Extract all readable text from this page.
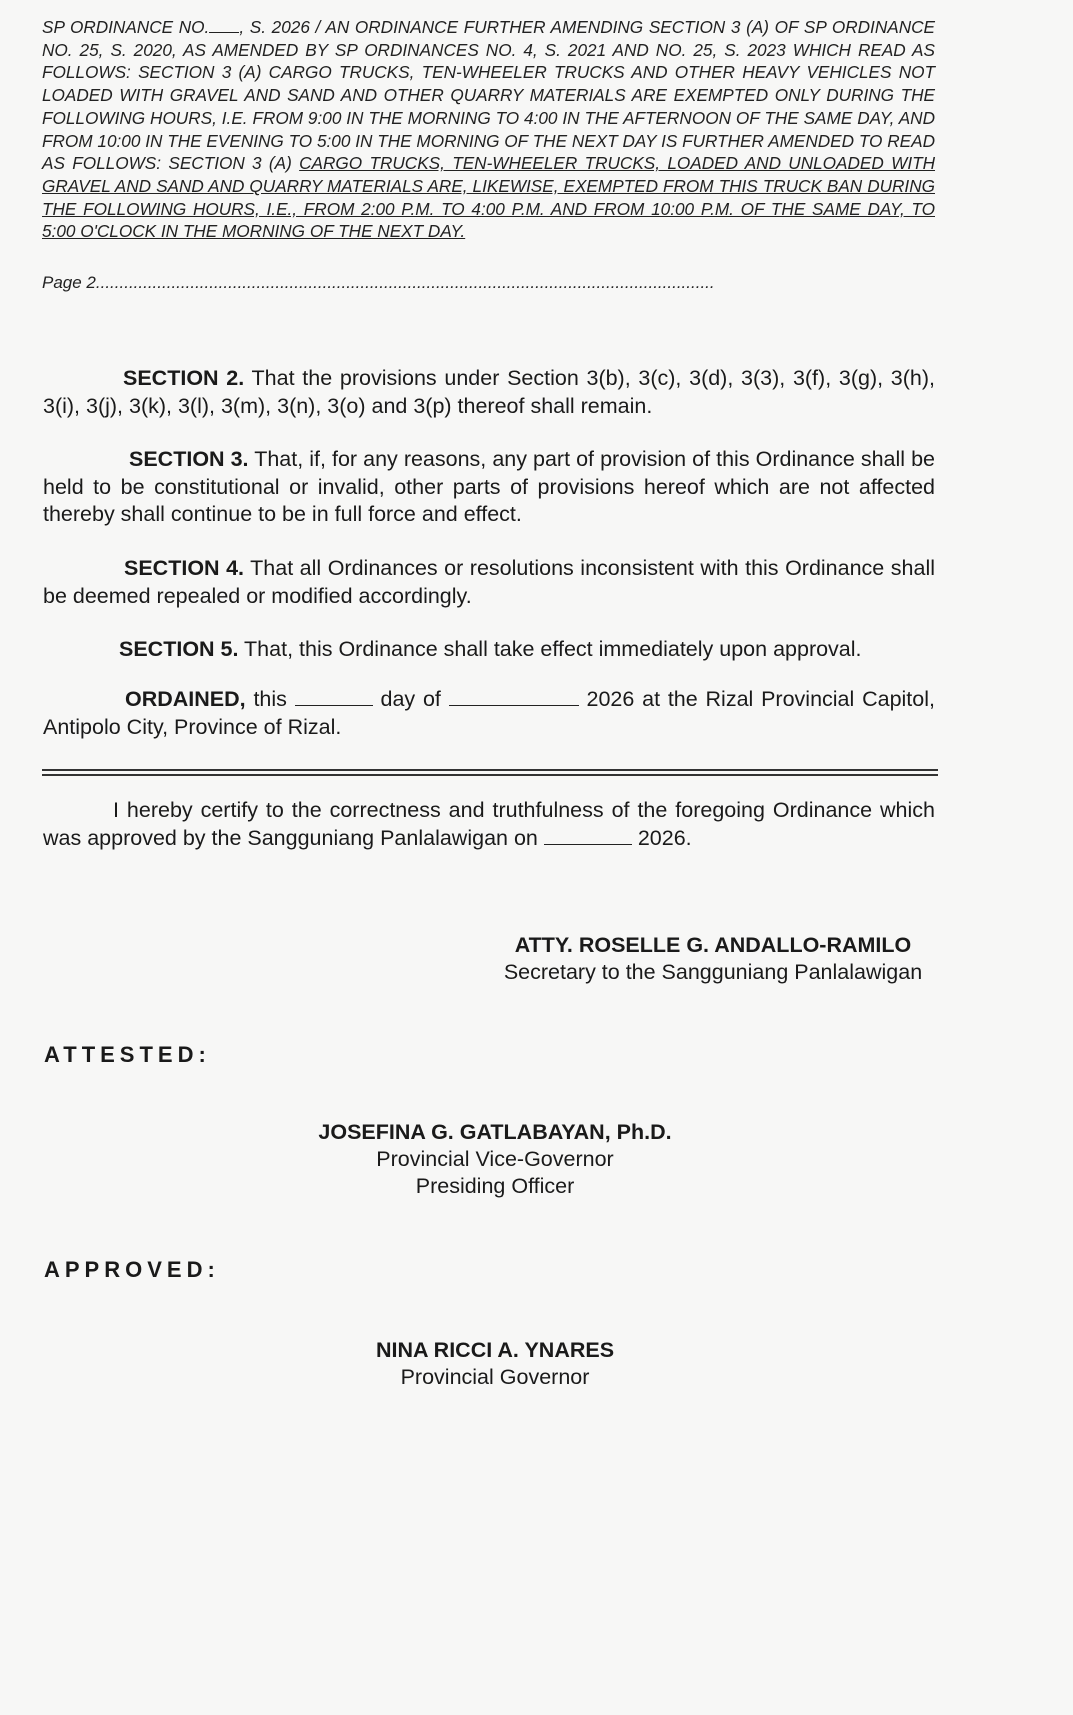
SP ORDINANCE NO. , S. 2026 / AN ORDINANCE FURTHER AMENDING SECTION 3 (A) OF SP ORDINANCE NO. 25, S. 2020, AS AMENDED BY SP ORDINANCES NO. 4, S. 2021 AND NO. 25, S. 2023 WHICH READ AS FOLLOWS: SECTION 3 (A) CARGO TRUCKS, TEN-WHEELER TRUCKS AND OTHER HEAVY VEHICLES NOT LOADED WITH GRAVEL AND SAND AND OTHER QUARRY MATERIALS ARE EXEMPTED ONLY DURING THE FOLLOWING HOURS, I.E. FROM 9:00 IN THE MORNING TO 4:00 IN THE AFTERNOON OF THE SAME DAY, AND FROM 10:00 IN THE EVENING TO 5:00 IN THE MORNING OF THE NEXT DAY IS FURTHER AMENDED TO READ AS FOLLOWS: SECTION 3 (A) CARGO TRUCKS, TEN-WHEELER TRUCKS, LOADED AND UNLOADED WITH GRAVEL AND SAND AND QUARRY MATERIALS ARE, LIKEWISE, EXEMPTED FROM THIS TRUCK BAN DURING THE FOLLOWING HOURS, I.E., FROM 2:00 P.M. TO 4:00 P.M. AND FROM 10:00 P.M. OF THE SAME DAY, TO 5:00 O'CLOCK IN THE MORNING OF THE NEXT DAY.
Page 2...................................................................................................................................
SECTION 2. That the provisions under Section 3(b), 3(c), 3(d), 3(3), 3(f), 3(g), 3(h), 3(i), 3(j), 3(k), 3(l), 3(m), 3(n), 3(o) and 3(p) thereof shall remain.
SECTION 3. That, if, for any reasons, any part of provision of this Ordinance shall be held to be constitutional or invalid, other parts of provisions hereof which are not affected thereby shall continue to be in full force and effect.
SECTION 4. That all Ordinances or resolutions inconsistent with this Ordinance shall be deemed repealed or modified accordingly.
SECTION 5. That, this Ordinance shall take effect immediately upon approval.
ORDAINED, this	day of	2026 at the Rizal Provincial Capitol, Antipolo City, Province of Rizal.
I hereby certify to the correctness and truthfulness of the foregoing Ordinance which was approved by the Sangguniang Panlalawigan on	2026.
ATTY. ROSELLE G. ANDALLO-RAMILO
Secretary to the Sangguniang Panlalawigan
ATTESTED:
JOSEFINA G. GATLABAYAN, Ph.D.
Provincial Vice-Governor
Presiding Officer
APPROVED:
NINA RICCI A. YNARES
Provincial Governor
